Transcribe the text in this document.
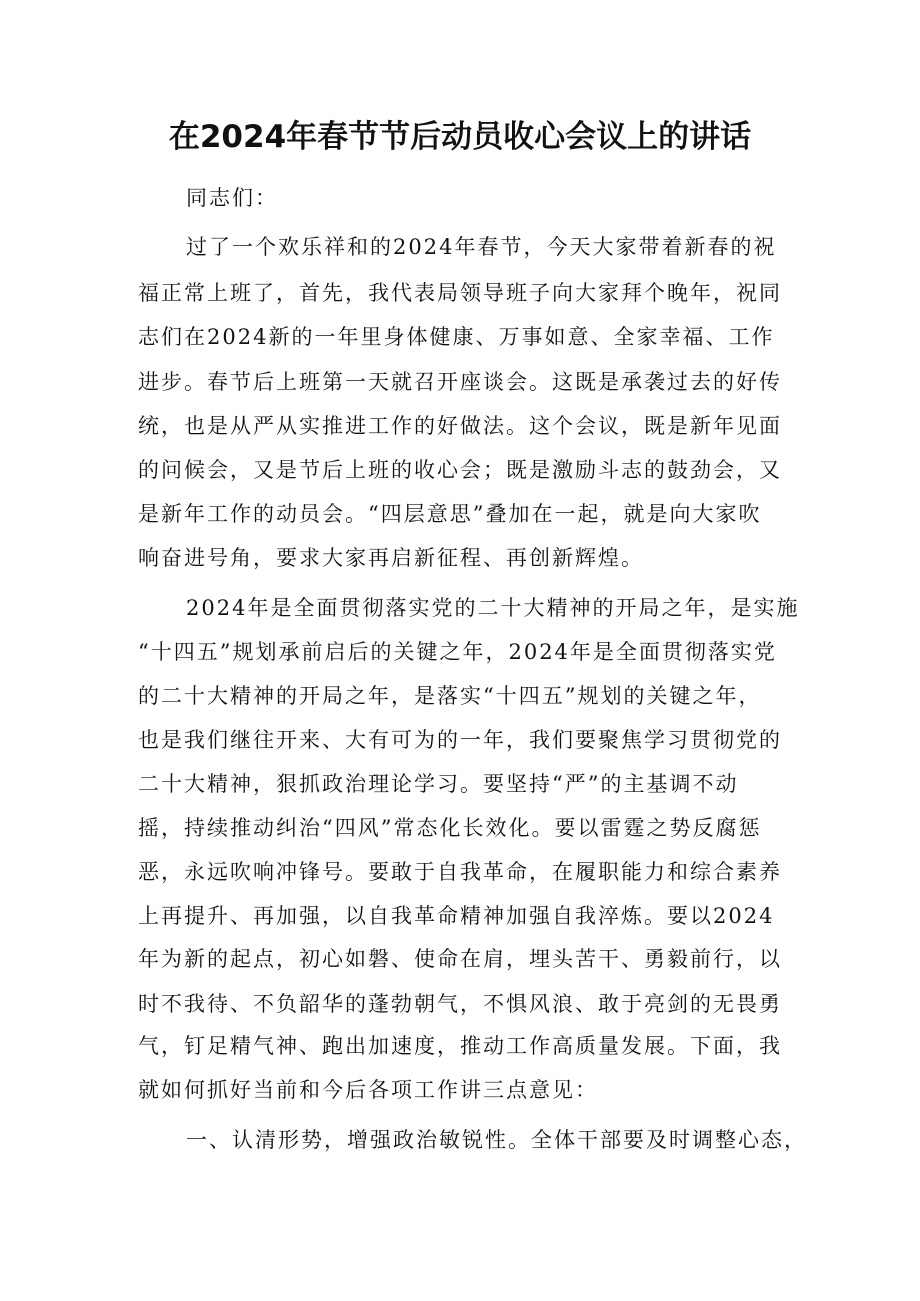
在2024年春节节后动员收心会议上的讲话
同志们：
过了一个欢乐祥和的2024年春节，今天大家带着新春的祝
福正常上班了，首先，我代表局领导班子向大家拜个晚年，祝同
志们在2024新的一年里身体健康、万事如意、全家幸福、工作
进步。春节后上班第一天就召开座谈会。这既是承袭过去的好传
统，也是从严从实推进工作的好做法。这个会议，既是新年见面
的问候会，又是节后上班的收心会；既是激励斗志的鼓劲会，又
是新年工作的动员会。“四层意思”叠加在一起，就是向大家吹
响奋进号角，要求大家再启新征程、再创新辉煌。
2024年是全面贯彻落实党的二十大精神的开局之年，是实施
“十四五”规划承前启后的关键之年，2024年是全面贯彻落实党
的二十大精神的开局之年，是落实“十四五”规划的关键之年，
也是我们继往开来、大有可为的一年，我们要聚焦学习贯彻党的
二十大精神，狠抓政治理论学习。要坚持“严”的主基调不动
摇，持续推动纠治“四风”常态化长效化。要以雷霆之势反腐惩
恶，永远吹响冲锋号。要敢于自我革命，在履职能力和综合素养
上再提升、再加强，以自我革命精神加强自我淬炼。要以2024
年为新的起点，初心如磐、使命在肩，埋头苦干、勇毅前行，以
时不我待、不负韶华的蓬勃朝气，不惧风浪、敢于亮剑的无畏勇
气，钉足精气神、跑出加速度，推动工作高质量发展。下面，我
就如何抓好当前和今后各项工作讲三点意见：
一、认清形势，增强政治敏锐性。全体干部要及时调整心态，
